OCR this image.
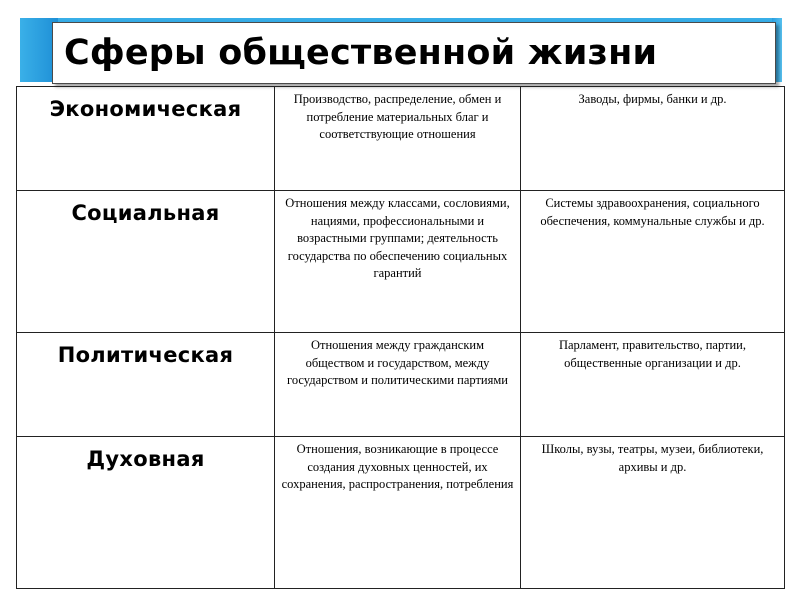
Сферы общественной жизни
Экономическая	Производство, распределение, обмен и потребление материальных благ и соответствующие отношения	Заводы, фирмы, банки и др.

Социальная	Отношения между классами, сословиями, нациями, профессиональными и возрастными группами; деятельность государства по обеспечению социальных гарантий	Системы здравоохранения, социального обеспечения, коммунальные службы и др.

Политическая	Отношения между гражданским обществом и государством, между государством и политическими партиями	Парламент, правительство, партии, общественные организации и др.

Духовная	Отношения, возникающие в процессе создания духовных ценностей, их сохранения, распространения, потребления	Школы, вузы, театры, музеи, библиотеки, архивы и др.
